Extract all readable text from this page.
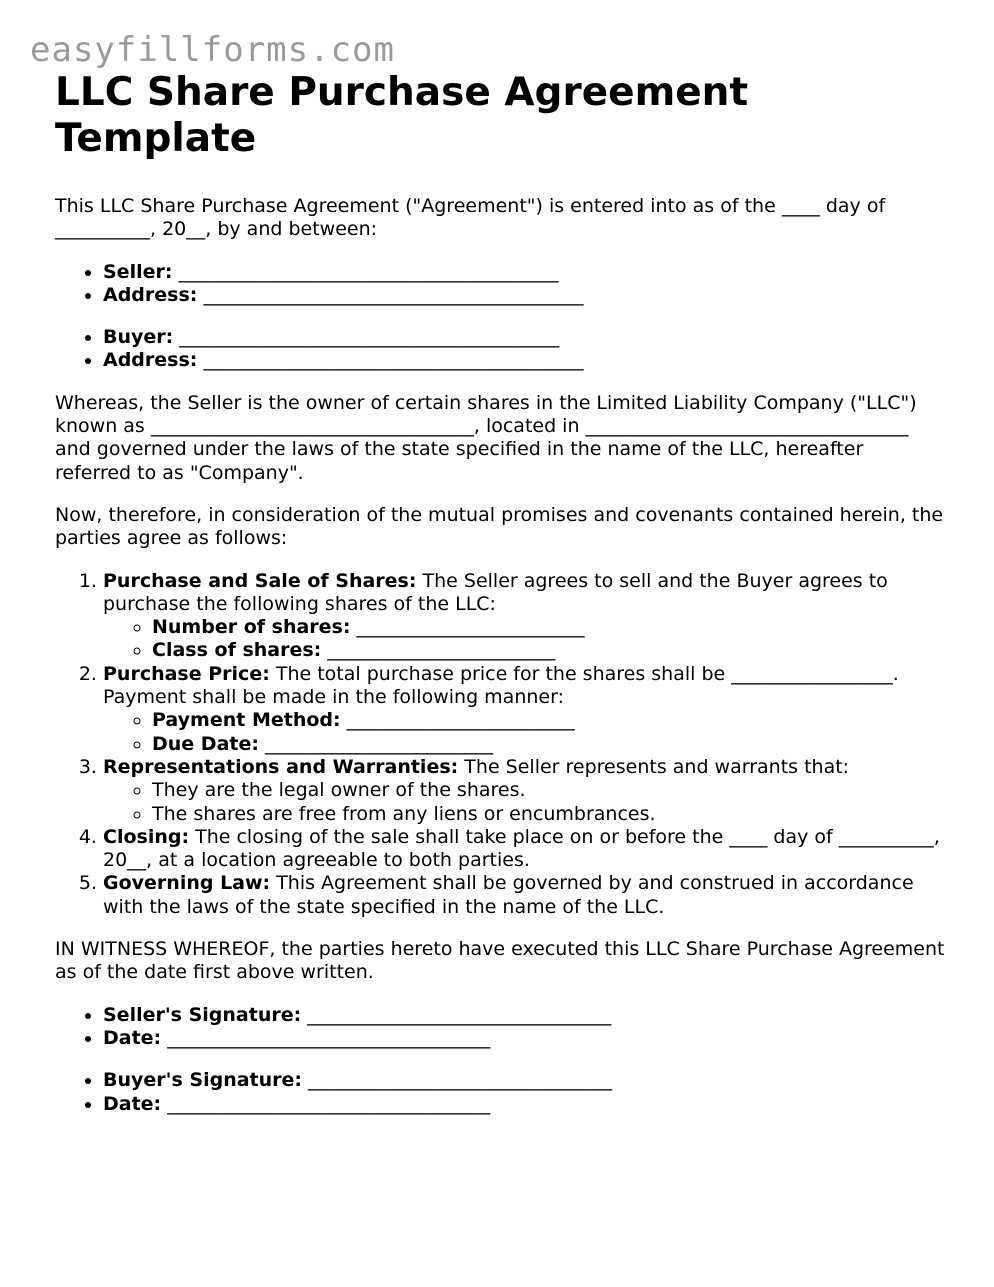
easyfillforms.com
LLC Share Purchase Agreement Template

This LLC Share Purchase Agreement ("Agreement") is entered into as of the ____ day of __________, 20__, by and between:

• Seller: ________________________________________
• Address: ________________________________________
• Buyer: ________________________________________
• Address: ________________________________________

Whereas, the Seller is the owner of certain shares in the Limited Liability Company ("LLC") known as __________________________________, located in __________________________________ and governed under the laws of the state specified in the name of the LLC, hereafter referred to as "Company".

Now, therefore, in consideration of the mutual promises and covenants contained herein, the parties agree as follows:

1. Purchase and Sale of Shares: The Seller agrees to sell and the Buyer agrees to purchase the following shares of the LLC:
◦ Number of shares: ________________________
◦ Class of shares: ________________________
2. Purchase Price: The total purchase price for the shares shall be _________________. Payment shall be made in the following manner:
◦ Payment Method: ________________________
◦ Due Date: ________________________
3. Representations and Warranties: The Seller represents and warrants that:
◦ They are the legal owner of the shares.
◦ The shares are free from any liens or encumbrances.
4. Closing: The closing of the sale shall take place on or before the ____ day of __________, 20__, at a location agreeable to both parties.
5. Governing Law: This Agreement shall be governed by and construed in accordance with the laws of the state specified in the name of the LLC.

IN WITNESS WHEREOF, the parties hereto have executed this LLC Share Purchase Agreement as of the date first above written.

• Seller's Signature: ________________________________
• Date: __________________________________
• Buyer's Signature: ________________________________
• Date: __________________________________
